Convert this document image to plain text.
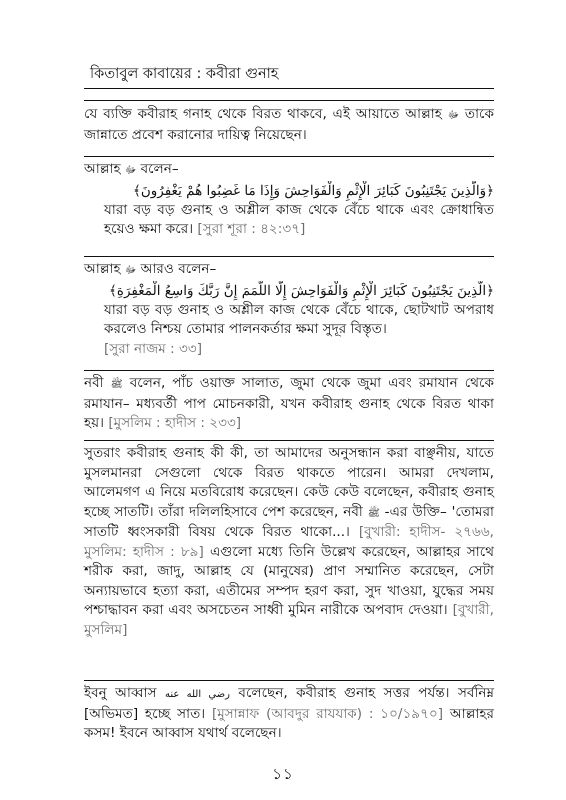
কিতাবুল কাবায়ের : কবীরা গুনাহ
যে ব্যক্তি কবীরাহ গনাহ থেকে বিরত থাকবে, এই আয়াতে আল্লাহ ﷻ তাকে জান্নাতে প্রবেশ করানোর দায়িত্ব নিয়েছেন।
আল্লাহ ﷻ বলেন–
﴿وَالَّذِينَ يَجْتَنِبُونَ كَبَائِرَ الْإِثْمِ وَالْفَوَاحِشَ وَإِذَا مَا غَضِبُوا هُمْ يَغْفِرُونَ﴾
যারা বড় বড় গুনাহ ও অশ্লীল কাজ থেকে বেঁচে থাকে এবং ক্রোধান্বিত হয়েও ক্ষমা করে। [সুরা শূরা : ৪২:৩৭]
আল্লাহ ﷻ আরও বলেন–
﴿الَّذِينَ يَجْتَنِبُونَ كَبَائِرَ الْإِثْمِ وَالْفَوَاحِشَ إِلَّا اللَّمَمَ إِنَّ رَبَّكَ وَاسِعُ الْمَغْفِرَةِ﴾
যারা বড় বড় গুনাহ ও অশ্লীল কাজ থেকে বেঁচে থাকে, ছোটখাট অপরাধ করলেও নিশ্চয় তোমার পালনকর্তার ক্ষমা সুদূর বিস্তৃত।
[সুরা নাজম : ৩৩]
নবী ﷺ বলেন, পাঁচ ওয়াক্ত সালাত, জুমা থেকে জুমা এবং রমাযান থেকে রমাযান– মধ্যবর্তী পাপ মোচনকারী, যখন কবীরাহ গুনাহ থেকে বিরত থাকা হয়। [মুসলিম : হাদীস : ২৩৩]
সুতরাং কবীরাহ গুনাহ কী কী, তা আমাদের অনুসন্ধান করা বাঞ্ছনীয়, যাতে মুসলমানরা সেগুলো থেকে বিরত থাকতে পারেন। আমরা দেখলাম, আলেমগণ এ নিয়ে মতবিরোধ করেছেন। কেউ কেউ বলেছেন, কবীরাহ গুনাহ হচ্ছে সাতটি। তাঁরা দলিলহিসাবে পেশ করেছেন, নবী ﷺ -এর উক্তি– 'তোমরা সাতটি ধ্বংসকারী বিষয় থেকে বিরত থাকো...। [বুখারী: হাদীস- ২৭৬৬, মুসলিম: হাদীস : ৮৯] এগুলো মধ্যে তিনি উল্লেখ করেছেন, আল্লাহর সাথে শরীক করা, জাদু, আল্লাহ যে (মানুষের) প্রাণ সম্মানিত করেছেন, সেটা অন্যায়ভাবে হত্যা করা, এতীমের সম্পদ হরণ করা, সুদ খাওয়া, যুদ্ধের সময় পশ্চাদ্ধাবন করা এবং অসচেতন সাধ্বী মুমিন নারীকে অপবাদ দেওয়া। [বুখারী, মুসলিম]
ইবনু আব্বাস رضي الله عنه বলেছেন, কবীরাহ গুনাহ সত্তর পর্যন্ত। সর্বনিম্ন [অভিমত] হচ্ছে সাত। [মুসান্নাফ (আবদুর রাযযাক) : ১০/১৯৭০] আল্লাহর কসম! ইবনে আব্বাস যথার্থ বলেছেন।
১১
